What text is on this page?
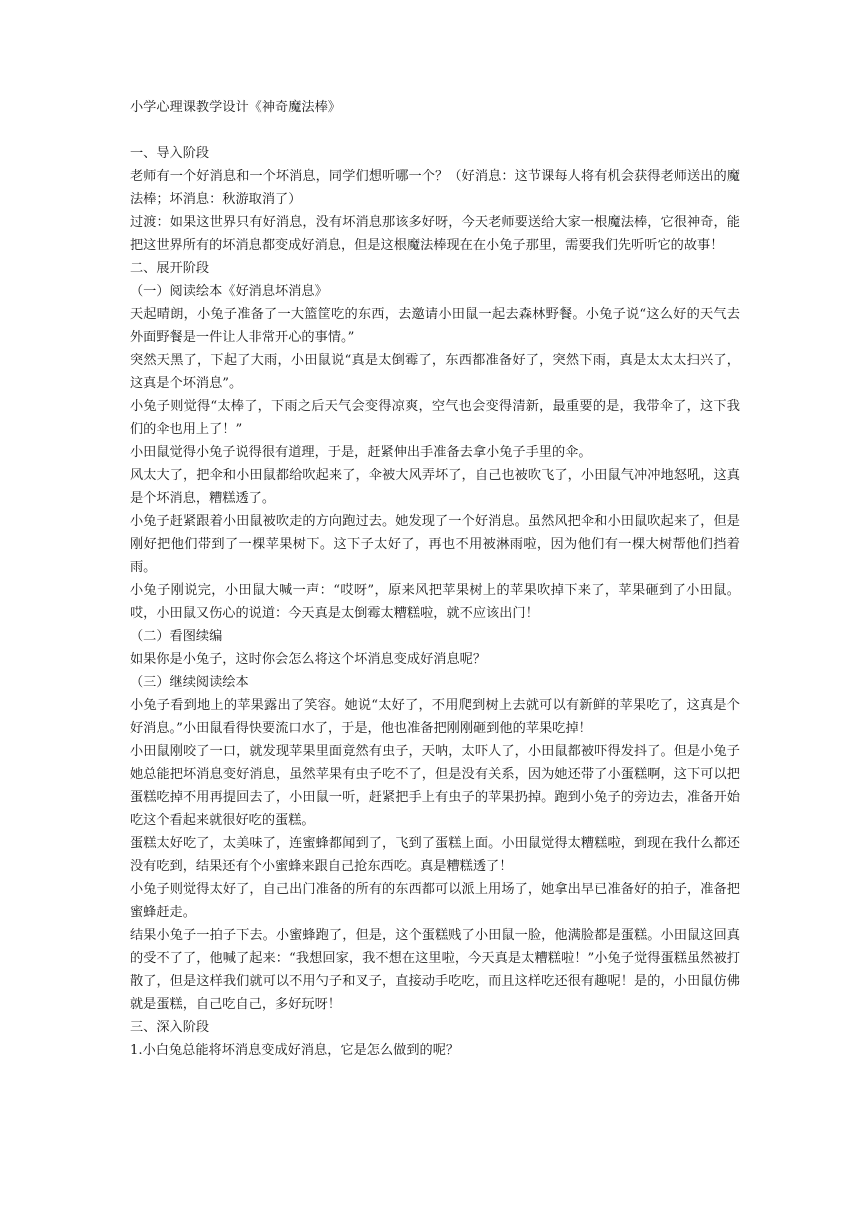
小学心理课教学设计《神奇魔法棒》

一、导入阶段

老师有一个好消息和一个坏消息，同学们想听哪一个？（好消息：这节课每人将有机会获得老师送出的魔法棒；坏消息：秋游取消了）

过渡：如果这世界只有好消息，没有坏消息那该多好呀，今天老师要送给大家一根魔法棒，它很神奇，能把这世界所有的坏消息都变成好消息，但是这根魔法棒现在在小兔子那里，需要我们先听听它的故事！

二、展开阶段

（一）阅读绘本《好消息坏消息》

天起晴朗，小兔子准备了一大篮筐吃的东西，去邀请小田鼠一起去森林野餐。小兔子说“这么好的天气去外面野餐是一件让人非常开心的事情。”

突然天黑了，下起了大雨，小田鼠说“真是太倒霉了，东西都准备好了，突然下雨，真是太太太扫兴了，这真是个坏消息”。

小兔子则觉得“太棒了，下雨之后天气会变得凉爽，空气也会变得清新，最重要的是，我带伞了，这下我们的伞也用上了！”

小田鼠觉得小兔子说得很有道理，于是，赶紧伸出手准备去拿小兔子手里的伞。

风太大了，把伞和小田鼠都给吹起来了，伞被大风弄坏了，自己也被吹飞了，小田鼠气冲冲地怒吼，这真是个坏消息，糟糕透了。

小兔子赶紧跟着小田鼠被吹走的方向跑过去。她发现了一个好消息。虽然风把伞和小田鼠吹起来了，但是刚好把他们带到了一棵苹果树下。这下子太好了，再也不用被淋雨啦，因为他们有一棵大树帮他们挡着雨。

小兔子刚说完，小田鼠大喊一声：“哎呀”，原来风把苹果树上的苹果吹掉下来了，苹果砸到了小田鼠。哎，小田鼠又伤心的说道：今天真是太倒霉太糟糕啦，就不应该出门！

（二）看图续编

如果你是小兔子，这时你会怎么将这个坏消息变成好消息呢？

（三）继续阅读绘本

小兔子看到地上的苹果露出了笑容。她说“太好了，不用爬到树上去就可以有新鲜的苹果吃了，这真是个好消息。”小田鼠看得快要流口水了，于是，他也准备把刚刚砸到他的苹果吃掉！

小田鼠刚咬了一口，就发现苹果里面竟然有虫子，天呐，太吓人了，小田鼠都被吓得发抖了。但是小兔子她总能把坏消息变好消息，虽然苹果有虫子吃不了，但是没有关系，因为她还带了小蛋糕啊，这下可以把蛋糕吃掉不用再提回去了，小田鼠一听，赶紧把手上有虫子的苹果扔掉。跑到小兔子的旁边去，准备开始吃这个看起来就很好吃的蛋糕。

蛋糕太好吃了，太美味了，连蜜蜂都闻到了，飞到了蛋糕上面。小田鼠觉得太糟糕啦，到现在我什么都还没有吃到，结果还有个小蜜蜂来跟自己抢东西吃。真是糟糕透了！

小兔子则觉得太好了，自己出门准备的所有的东西都可以派上用场了，她拿出早已准备好的拍子，准备把蜜蜂赶走。

结果小兔子一拍子下去。小蜜蜂跑了，但是，这个蛋糕贱了小田鼠一脸，他满脸都是蛋糕。小田鼠这回真的受不了了，他喊了起来：“我想回家，我不想在这里啦，今天真是太糟糕啦！”小兔子觉得蛋糕虽然被打散了，但是这样我们就可以不用勺子和叉子，直接动手吃吃，而且这样吃还很有趣呢！是的，小田鼠仿佛就是蛋糕，自己吃自己，多好玩呀！

三、深入阶段

1.小白兔总能将坏消息变成好消息，它是怎么做到的呢？
